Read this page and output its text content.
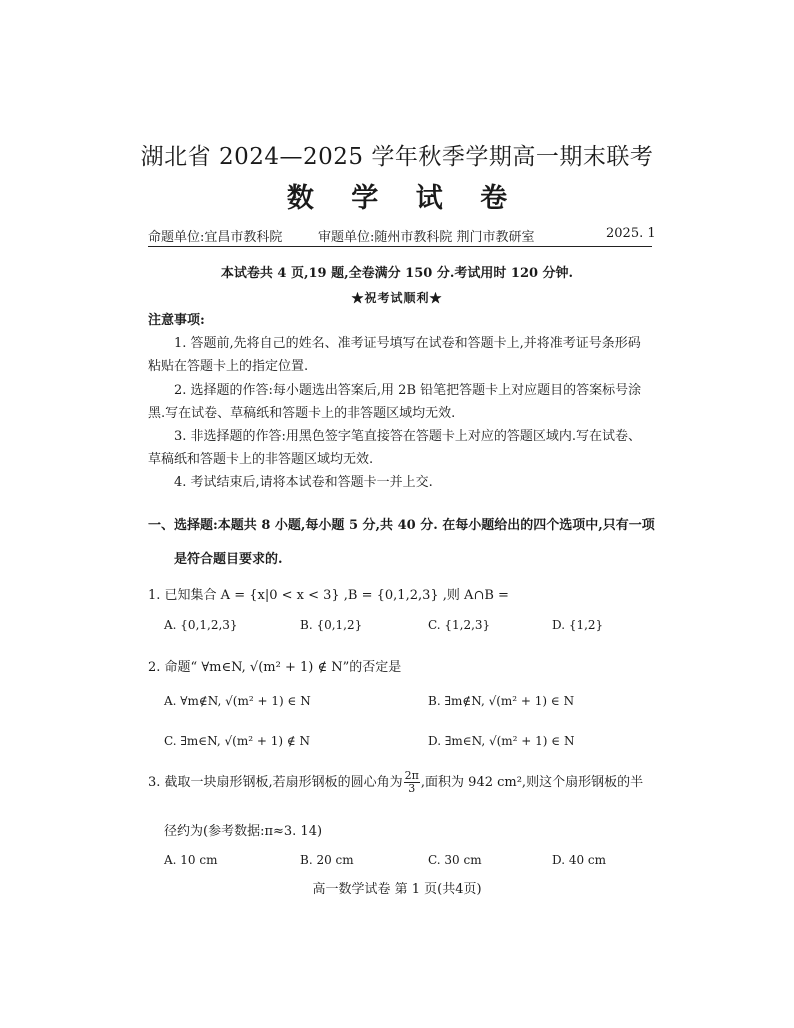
湖北省 2024—2025 学年秋季学期高一期末联考
数 学 试 卷
命题单位:宜昌市教科院	审题单位:随州市教科院 荆门市教研室	2025. 1
本试卷共 4 页,19 题,全卷满分 150 分.考试用时 120 分钟.
★祝考试顺利★
注意事项:
1. 答题前,先将自己的姓名、准考证号填写在试卷和答题卡上,并将准考证号条形码
粘贴在答题卡上的指定位置.
2. 选择题的作答:每小题选出答案后,用 2B 铅笔把答题卡上对应题目的答案标号涂
黑.写在试卷、草稿纸和答题卡上的非答题区域均无效.
3. 非选择题的作答:用黑色签字笔直接答在答题卡上对应的答题区域内.写在试卷、
草稿纸和答题卡上的非答题区域均无效.
4. 考试结束后,请将本试卷和答题卡一并上交.
一、选择题:本题共 8 小题,每小题 5 分,共 40 分. 在每小题给出的四个选项中,只有一项
是符合题目要求的.
1. 已知集合 A = {x|0 < x < 3} ,B = {0,1,2,3} ,则 A∩B =
A. {0,1,2,3}	B. {0,1,2}	C. {1,2,3}	D. {1,2}
2. 命题“ ∀m∈N, √(m² + 1) ∉ N”的否定是
A. ∀m∉N, √(m² + 1) ∈ N	B. ∃m∉N, √(m² + 1) ∈ N
C. ∃m∈N, √(m² + 1) ∉ N	D. ∃m∈N, √(m² + 1) ∈ N
3. 截取一块扇形钢板,若扇形钢板的圆心角为 $\frac{2\pi}{3}$ ,面积为 942 cm²,则这个扇形钢板的半
径约为(参考数据:π≈3. 14)
A. 10 cm	B. 20 cm	C. 30 cm	D. 40 cm
高一数学试卷 第 1 页(共4页)
